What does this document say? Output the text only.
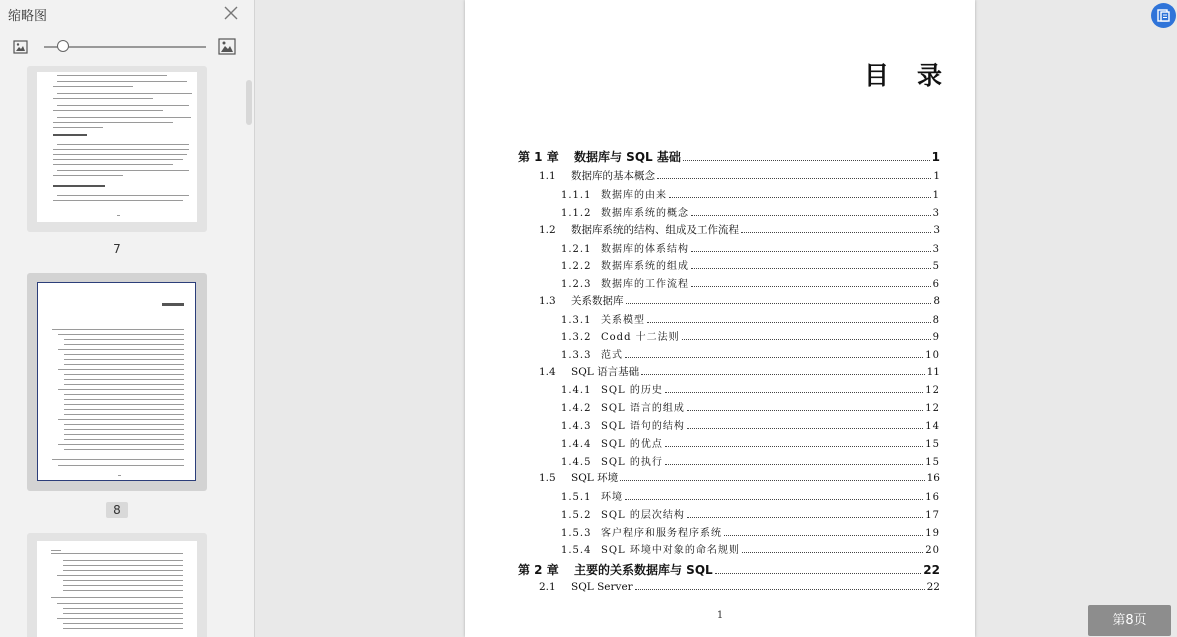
缩略图
7
8
目录
第 1 章	数据库与 SQL 基础	1
1.1	数据库的基本概念	1
1.1.1 数据库的由来	1
1.1.2 数据库系统的概念	3
1.2	数据库系统的结构、组成及工作流程	3
1.2.1 数据库的体系结构	3
1.2.2 数据库系统的组成	5
1.2.3 数据库的工作流程	6
1.3	关系数据库	8
1.3.1 关系模型	8
1.3.2 Codd 十二法则	9
1.3.3 范式	10
1.4	SQL 语言基础	11
1.4.1 SQL 的历史	12
1.4.2 SQL 语言的组成	12
1.4.3 SQL 语句的结构	14
1.4.4 SQL 的优点	15
1.4.5 SQL 的执行	15
1.5	SQL 环境	16
1.5.1 环境	16
1.5.2 SQL 的层次结构	17
1.5.3 客户程序和服务程序系统	19
1.5.4 SQL 环境中对象的命名规则	20
第 2 章	主要的关系数据库与 SQL	22
2.1	SQL Server	22
1	第8页
